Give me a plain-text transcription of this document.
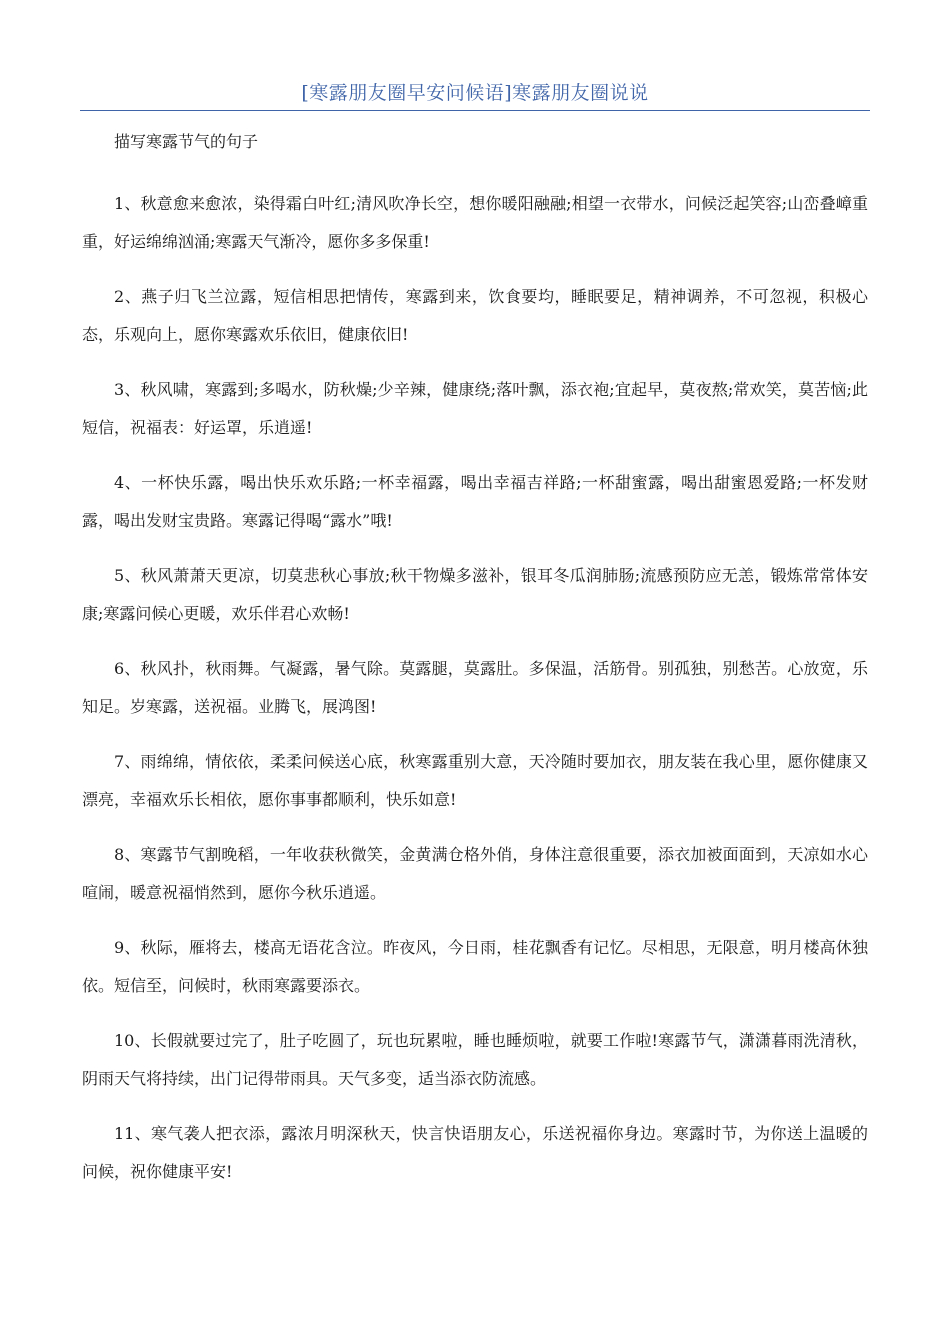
[寒露朋友圈早安问候语]寒露朋友圈说说
描写寒露节气的句子

1、秋意愈来愈浓，染得霜白叶红;清风吹净长空，想你暖阳融融;相望一衣带水，问候泛起笑容;山峦叠嶂重重，好运绵绵汹涌;寒露天气渐冷，愿你多多保重!

2、燕子归飞兰泣露，短信相思把情传，寒露到来，饮食要均，睡眠要足，精神调养，不可忽视，积极心态，乐观向上，愿你寒露欢乐依旧，健康依旧!

3、秋风啸，寒露到;多喝水，防秋燥;少辛辣，健康绕;落叶飘，添衣袍;宜起早，莫夜熬;常欢笑，莫苦恼;此短信，祝福表：好运罩，乐逍遥!

4、一杯快乐露，喝出快乐欢乐路;一杯幸福露，喝出幸福吉祥路;一杯甜蜜露，喝出甜蜜恩爱路;一杯发财露，喝出发财宝贵路。寒露记得喝“露水”哦!

5、秋风萧萧天更凉，切莫悲秋心事放;秋干物燥多滋补，银耳冬瓜润肺肠;流感预防应无恙，锻炼常常体安康;寒露问候心更暖，欢乐伴君心欢畅!

6、秋风扑，秋雨舞。气凝露，暑气除。莫露腿，莫露肚。多保温，活筋骨。别孤独，别愁苦。心放宽，乐知足。岁寒露，送祝福。业腾飞，展鸿图!

7、雨绵绵，情依依，柔柔问候送心底，秋寒露重别大意，天冷随时要加衣，朋友装在我心里，愿你健康又漂亮，幸福欢乐长相依，愿你事事都顺利，快乐如意!

8、寒露节气割晚稻，一年收获秋微笑，金黄满仓格外俏，身体注意很重要，添衣加被面面到，天凉如水心喧闹，暖意祝福悄然到，愿你今秋乐逍遥。

9、秋际，雁将去，楼高无语花含泣。昨夜风，今日雨，桂花飘香有记忆。尽相思，无限意，明月楼高休独依。短信至，问候时，秋雨寒露要添衣。

10、长假就要过完了，肚子吃圆了，玩也玩累啦，睡也睡烦啦，就要工作啦!寒露节气，潇潇暮雨洗清秋，阴雨天气将持续，出门记得带雨具。天气多变，适当添衣防流感。

11、寒气袭人把衣添，露浓月明深秋天，快言快语朋友心，乐送祝福你身边。寒露时节，为你送上温暖的问候，祝你健康平安!
